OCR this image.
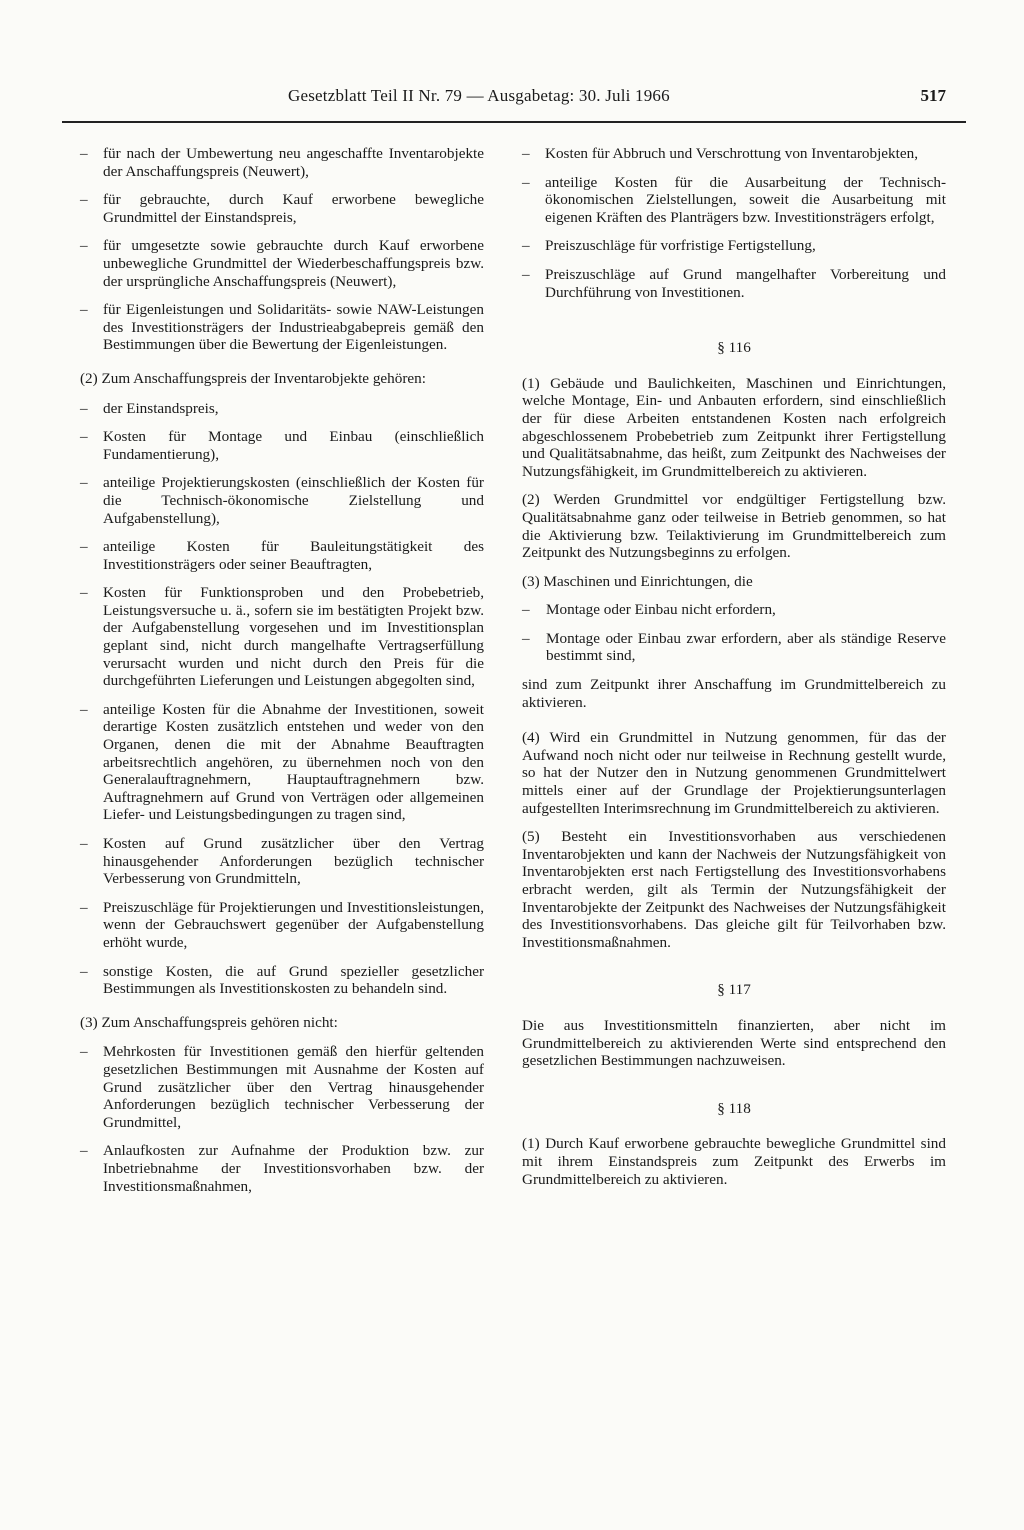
Gesetzblatt Teil II Nr. 79 — Ausgabetag: 30. Juli 1966	517
– für nach der Umbewertung neu angeschaffte Inventarobjekte der Anschaffungspreis (Neuwert),
– für gebrauchte, durch Kauf erworbene bewegliche Grundmittel der Einstandspreis,
– für umgesetzte sowie gebrauchte durch Kauf erworbene unbewegliche Grundmittel der Wiederbeschaffungspreis bzw. der ursprüngliche Anschaffungspreis (Neuwert),
– für Eigenleistungen und Solidaritäts- sowie NAW-Leistungen des Investitionsträgers der Industrieabgabepreis gemäß den Bestimmungen über die Bewertung der Eigenleistungen.
(2) Zum Anschaffungspreis der Inventarobjekte gehören:
– der Einstandspreis,
– Kosten für Montage und Einbau (einschließlich Fundamentierung),
– anteilige Projektierungskosten (einschließlich der Kosten für die Technisch-ökonomische Zielstellung und Aufgabenstellung),
– anteilige Kosten für Bauleitungstätigkeit des Investitionsträgers oder seiner Beauftragten,
– Kosten für Funktionsproben und den Probebetrieb, Leistungsversuche u. ä., sofern sie im bestätigten Projekt bzw. der Aufgabenstellung vorgesehen und im Investitionsplan geplant sind, nicht durch mangelhafte Vertragserfüllung verursacht wurden und nicht durch den Preis für die durchgeführten Lieferungen und Leistungen abgegolten sind,
– anteilige Kosten für die Abnahme der Investitionen, soweit derartige Kosten zusätzlich entstehen und weder von den Organen, denen die mit der Abnahme Beauftragten arbeitsrechtlich angehören, zu übernehmen noch von den Generalauftragnehmern, Hauptauftragnehmern bzw. Auftragnehmern auf Grund von Verträgen oder allgemeinen Liefer- und Leistungsbedingungen zu tragen sind,
– Kosten auf Grund zusätzlicher über den Vertrag hinausgehender Anforderungen bezüglich technischer Verbesserung von Grundmitteln,
– Preiszuschläge für Projektierungen und Investitionsleistungen, wenn der Gebrauchswert gegenüber der Aufgabenstellung erhöht wurde,
– sonstige Kosten, die auf Grund spezieller gesetzlicher Bestimmungen als Investitionskosten zu behandeln sind.
(3) Zum Anschaffungspreis gehören nicht:
– Mehrkosten für Investitionen gemäß den hierfür geltenden gesetzlichen Bestimmungen mit Ausnahme der Kosten auf Grund zusätzlicher über den Vertrag hinausgehender Anforderungen bezüglich technischer Verbesserung der Grundmittel,
– Anlaufkosten zur Aufnahme der Produktion bzw. zur Inbetriebnahme der Investitionsvorhaben bzw. der Investitionsmaßnahmen,
– Kosten für Abbruch und Verschrottung von Inventarobjekten,
– anteilige Kosten für die Ausarbeitung der Technisch-ökonomischen Zielstellungen, soweit die Ausarbeitung mit eigenen Kräften des Planträgers bzw. Investitionsträgers erfolgt,
– Preiszuschläge für vorfristige Fertigstellung,
– Preiszuschläge auf Grund mangelhafter Vorbereitung und Durchführung von Investitionen.
§ 116
(1) Gebäude und Baulichkeiten, Maschinen und Einrichtungen, welche Montage, Ein- und Anbauten erfordern, sind einschließlich der für diese Arbeiten entstandenen Kosten nach erfolgreich abgeschlossenem Probebetrieb zum Zeitpunkt ihrer Fertigstellung und Qualitätsabnahme, das heißt, zum Zeitpunkt des Nachweises der Nutzungsfähigkeit, im Grundmittelbereich zu aktivieren.
(2) Werden Grundmittel vor endgültiger Fertigstellung bzw. Qualitätsabnahme ganz oder teilweise in Betrieb genommen, so hat die Aktivierung bzw. Teilaktivierung im Grundmittelbereich zum Zeitpunkt des Nutzungsbeginns zu erfolgen.
(3) Maschinen und Einrichtungen, die
– Montage oder Einbau nicht erfordern,
– Montage oder Einbau zwar erfordern, aber als ständige Reserve bestimmt sind,
sind zum Zeitpunkt ihrer Anschaffung im Grundmittelbereich zu aktivieren.
(4) Wird ein Grundmittel in Nutzung genommen, für das der Aufwand noch nicht oder nur teilweise in Rechnung gestellt wurde, so hat der Nutzer den in Nutzung genommenen Grundmittelwert mittels einer auf der Grundlage der Projektierungsunterlagen aufgestellten Interimsrechnung im Grundmittelbereich zu aktivieren.
(5) Besteht ein Investitionsvorhaben aus verschiedenen Inventarobjekten und kann der Nachweis der Nutzungsfähigkeit von Inventarobjekten erst nach Fertigstellung des Investitionsvorhabens erbracht werden, gilt als Termin der Nutzungsfähigkeit der Inventarobjekte der Zeitpunkt des Nachweises der Nutzungsfähigkeit des Investitionsvorhabens. Das gleiche gilt für Teilvorhaben bzw. Investitionsmaßnahmen.
§ 117
Die aus Investitionsmitteln finanzierten, aber nicht im Grundmittelbereich zu aktivierenden Werte sind entsprechend den gesetzlichen Bestimmungen nachzuweisen.
§ 118
(1) Durch Kauf erworbene gebrauchte bewegliche Grundmittel sind mit ihrem Einstandspreis zum Zeitpunkt des Erwerbs im Grundmittelbereich zu aktivieren.
